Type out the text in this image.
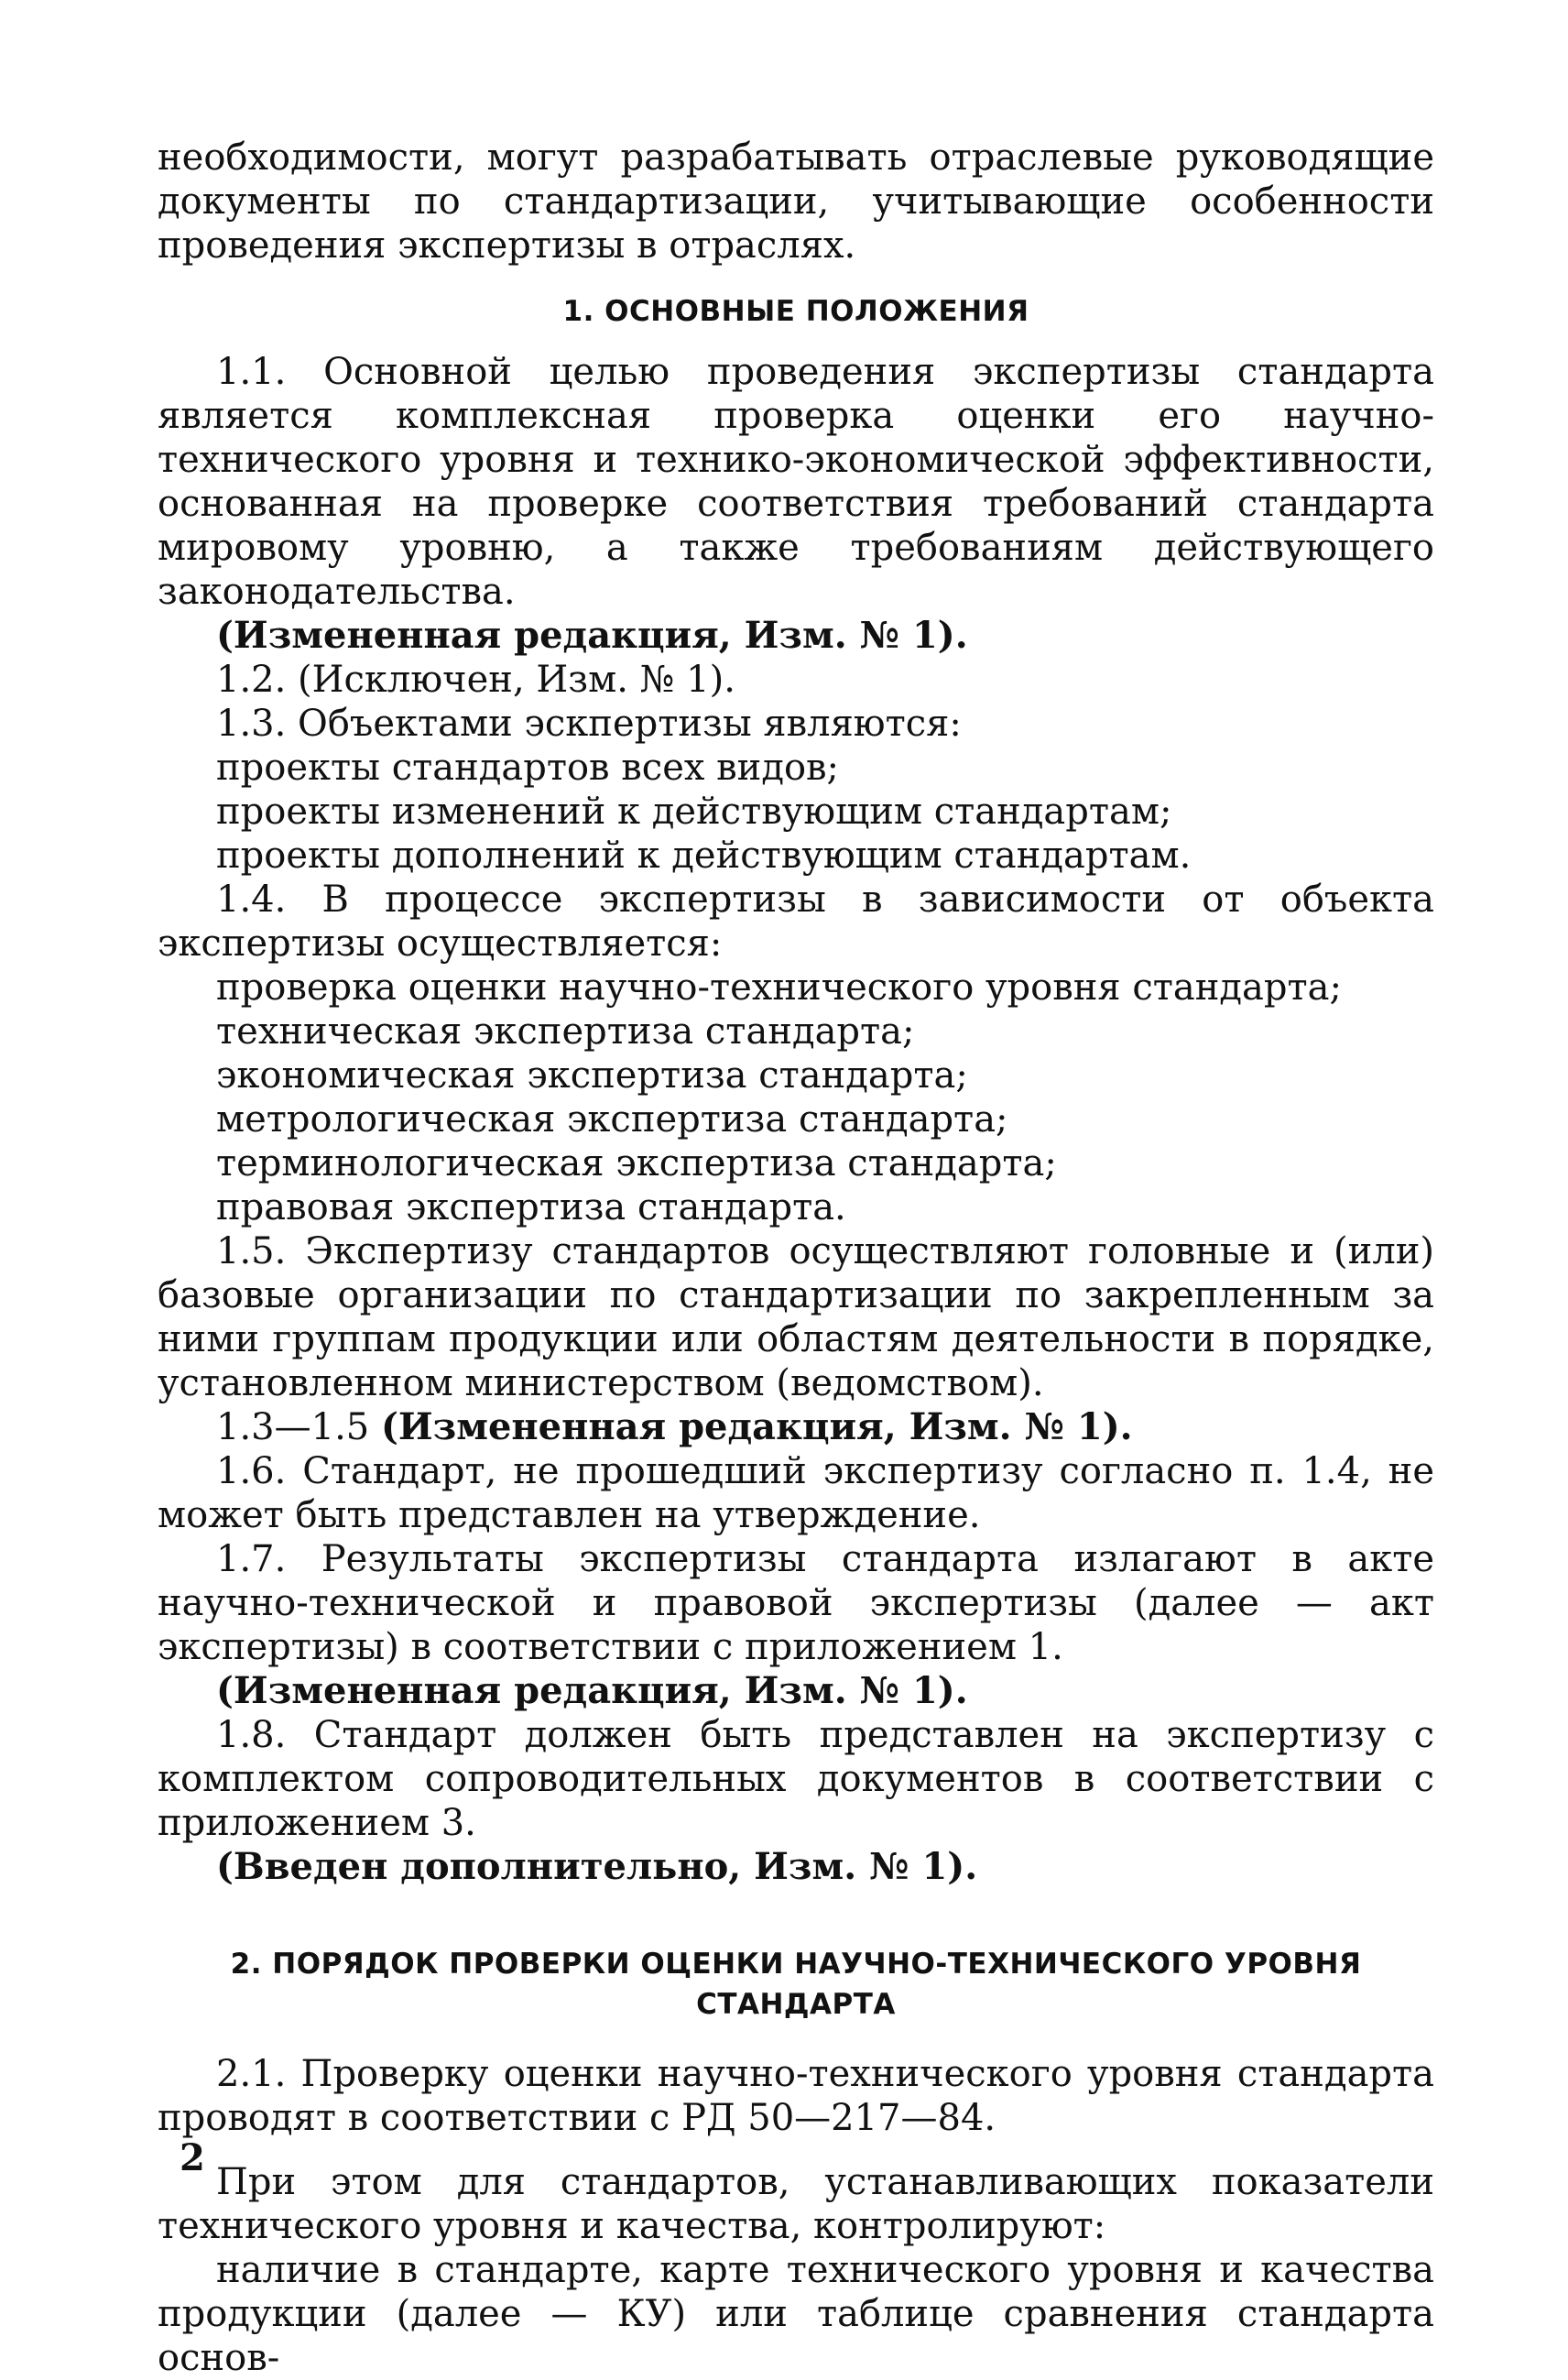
необходимости, могут разрабатывать отраслевые руководящие документы по стандартизации, учитывающие особенности проведения экспертизы в отраслях.

1. ОСНОВНЫЕ ПОЛОЖЕНИЯ

1.1. Основной целью проведения экспертизы стандарта является комплексная проверка оценки его научно-технического уровня и технико-экономической эффективности, основанная на проверке соответствия требований стандарта мировому уровню, а также требованиям действующего законодательства.

(Измененная редакция, Изм. № 1).

1.2. (Исключен, Изм. № 1).

1.3. Объектами эскпертизы являются:

проекты стандартов всех видов;

проекты изменений к действующим стандартам;

проекты дополнений к действующим стандартам.

1.4. В процессе экспертизы в зависимости от объекта экспертизы осуществляется:

проверка оценки научно-технического уровня стандарта;

техническая экспертиза стандарта;

экономическая экспертиза стандарта;

метрологическая экспертиза стандарта;

терминологическая экспертиза стандарта;

правовая экспертиза стандарта.

1.5. Экспертизу стандартов осуществляют головные и (или) базовые организации по стандартизации по закрепленным за ними группам продукции или областям деятельности в порядке, установленном министерством (ведомством).

1.3—1.5 (Измененная редакция, Изм. № 1).

1.6. Стандарт, не прошедший экспертизу согласно п. 1.4, не может быть представлен на утверждение.

1.7. Результаты экспертизы стандарта излагают в акте научно-технической и правовой экспертизы (далее — акт экспертизы) в соответствии с приложением 1.

(Измененная редакция, Изм. № 1).

1.8. Стандарт должен быть представлен на экспертизу с комплектом сопроводительных документов в соответствии с приложением 3.

(Введен дополнительно, Изм. № 1).

2. ПОРЯДОК ПРОВЕРКИ ОЦЕНКИ НАУЧНО-ТЕХНИЧЕСКОГО УРОВНЯ

СТАНДАРТА

2.1. Проверку оценки научно-технического уровня стандарта проводят в соответствии с РД 50—217—84.

При этом для стандартов, устанавливающих показатели технического уровня и качества, контролируют:

наличие в стандарте, карте технического уровня и качества продукции (далее — КУ) или таблице сравнения стандарта основ-

2
